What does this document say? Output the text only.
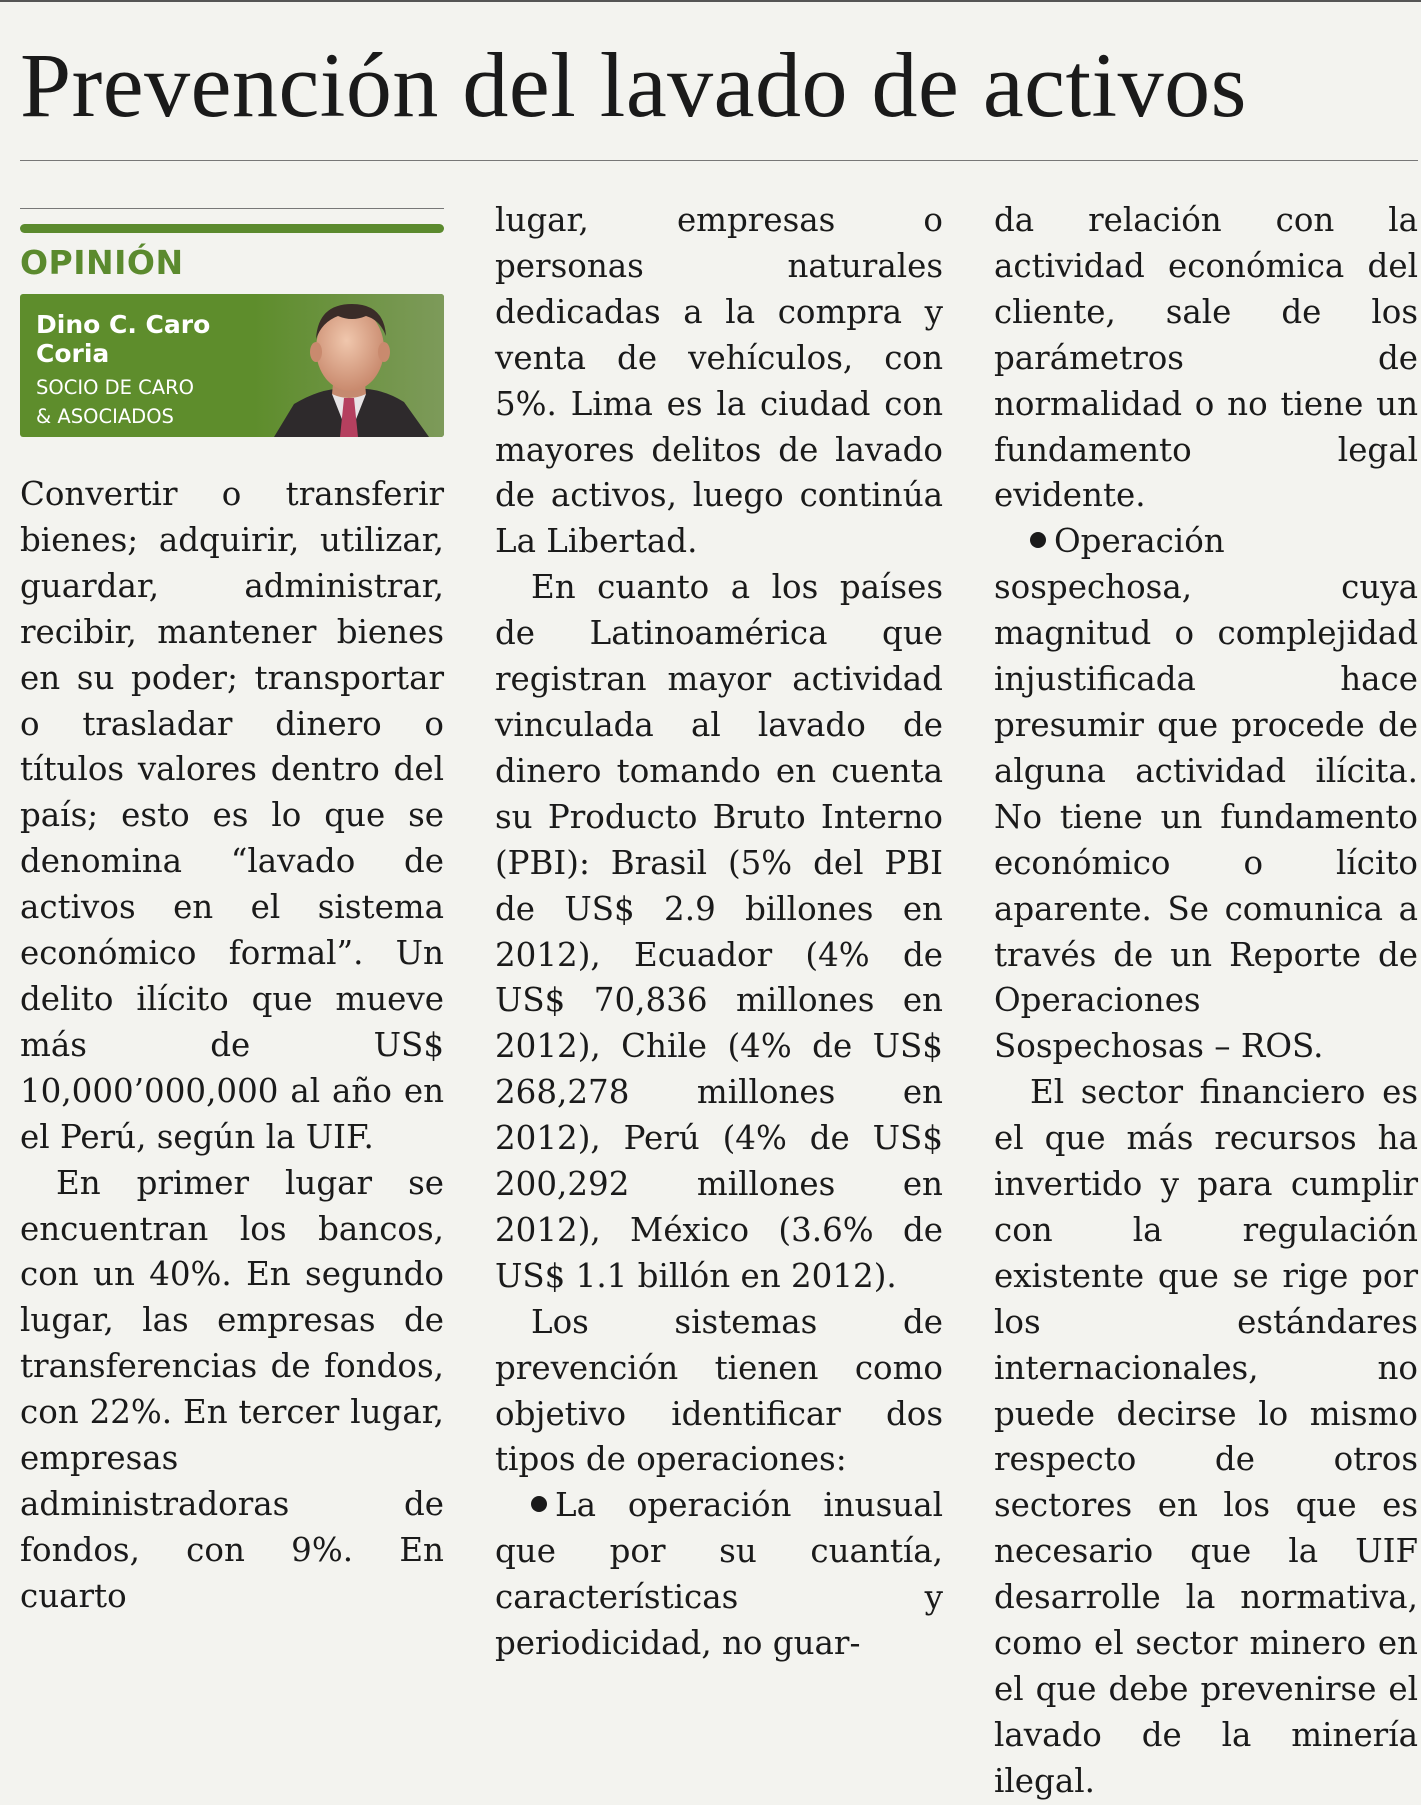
Prevención del lavado de activos
OPINIÓN
Dino C. Caro
Coria
SOCIO DE CARO
& ASOCIADOS

Convertir o transferir bienes; adquirir, utilizar, guardar, administrar, recibir, mantener bienes en su poder; transportar o trasladar dinero o títulos valores dentro del país; esto es lo que se denomina “lavado de activos en el sistema económico formal”. Un delito ilícito que mueve más de US$ 10,000’000,000 al año en el Perú, según la UIF.

En primer lugar se encuentran los bancos, con un 40%. En segundo lugar, las empresas de transferencias de fondos, con 22%. En tercer lugar, empresas administradoras de fondos, con 9%. En cuarto

lugar, empresas o personas naturales dedicadas a la compra y venta de vehículos, con 5%. Lima es la ciudad con mayores delitos de lavado de activos, luego continúa La Libertad.

En cuanto a los países de Latinoamérica que registran mayor actividad vinculada al lavado de dinero tomando en cuenta su Producto Bruto Interno (PBI): Brasil (5% del PBI de US$ 2.9 billones en 2012), Ecuador (4% de US$ 70,836 millones en 2012), Chile (4% de US$ 268,278 millones en 2012), Perú (4% de US$ 200,292 millones en 2012), México (3.6% de US$ 1.1 billón en 2012).

Los sistemas de prevención tienen como objetivo identificar dos tipos de operaciones:

La operación inusual que por su cuantía, características y periodicidad, no guar-

da relación con la actividad económica del cliente, sale de los parámetros de normalidad o no tiene un fundamento legal evidente.

Operación sospechosa, cuya magnitud o complejidad injustificada hace presumir que procede de alguna actividad ilícita. No tiene un fundamento económico o lícito aparente. Se comunica a través de un Reporte de Operaciones Sospechosas – ROS.

El sector financiero es el que más recursos ha invertido y para cumplir con la regulación existente que se rige por los estándares internacionales, no puede decirse lo mismo respecto de otros sectores en los que es necesario que la UIF desarrolle la normativa, como el sector minero en el que debe prevenirse el lavado de la minería ilegal.
